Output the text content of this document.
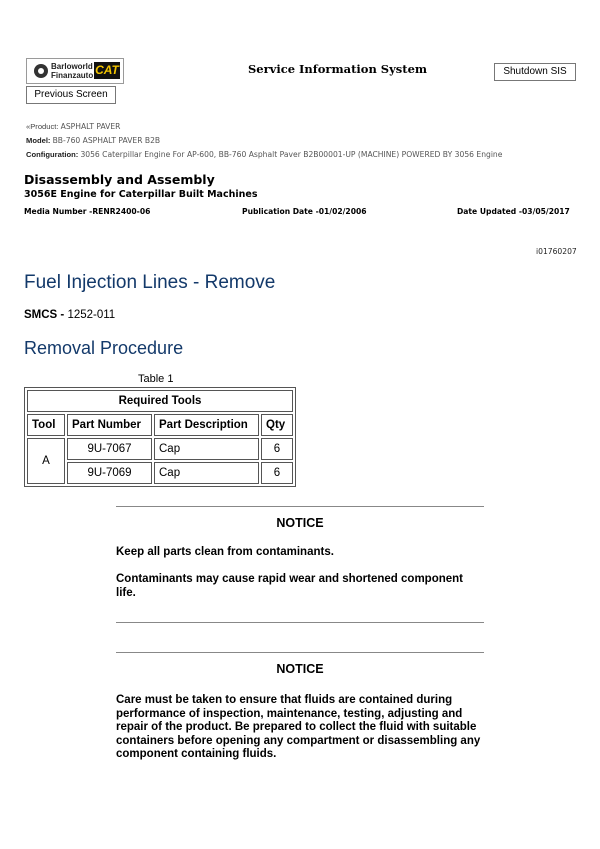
Barloworld
Finanzauto CAT	Service Information System	Shutdown SIS
Previous Screen
«Product: ASPHALT PAVER
Model: BB-760 ASPHALT PAVER B2B
Configuration: 3056 Caterpillar Engine For AP-600, BB-760 Asphalt Paver B2B00001-UP (MACHINE) POWERED BY 3056 Engine
Disassembly and Assembly
3056E Engine for Caterpillar Built Machines
Media Number -RENR2400-06	Publication Date -01/02/2006	Date Updated -03/05/2017
i01760207
Fuel Injection Lines - Remove
SMCS - 1252-011
Removal Procedure
Table 1
Required Tools			
Tool	Part Number	Part Description	Qty
A	9U-7067	Cap	6
	9U-7069	Cap	6
NOTICE
Keep all parts clean from contaminants.
Contaminants may cause rapid wear and shortened component life.
NOTICE
Care must be taken to ensure that fluids are contained during performance of inspection, maintenance, testing, adjusting and repair of the product. Be prepared to collect the fluid with suitable containers before opening any compartment or disassembling any component containing fluids.
